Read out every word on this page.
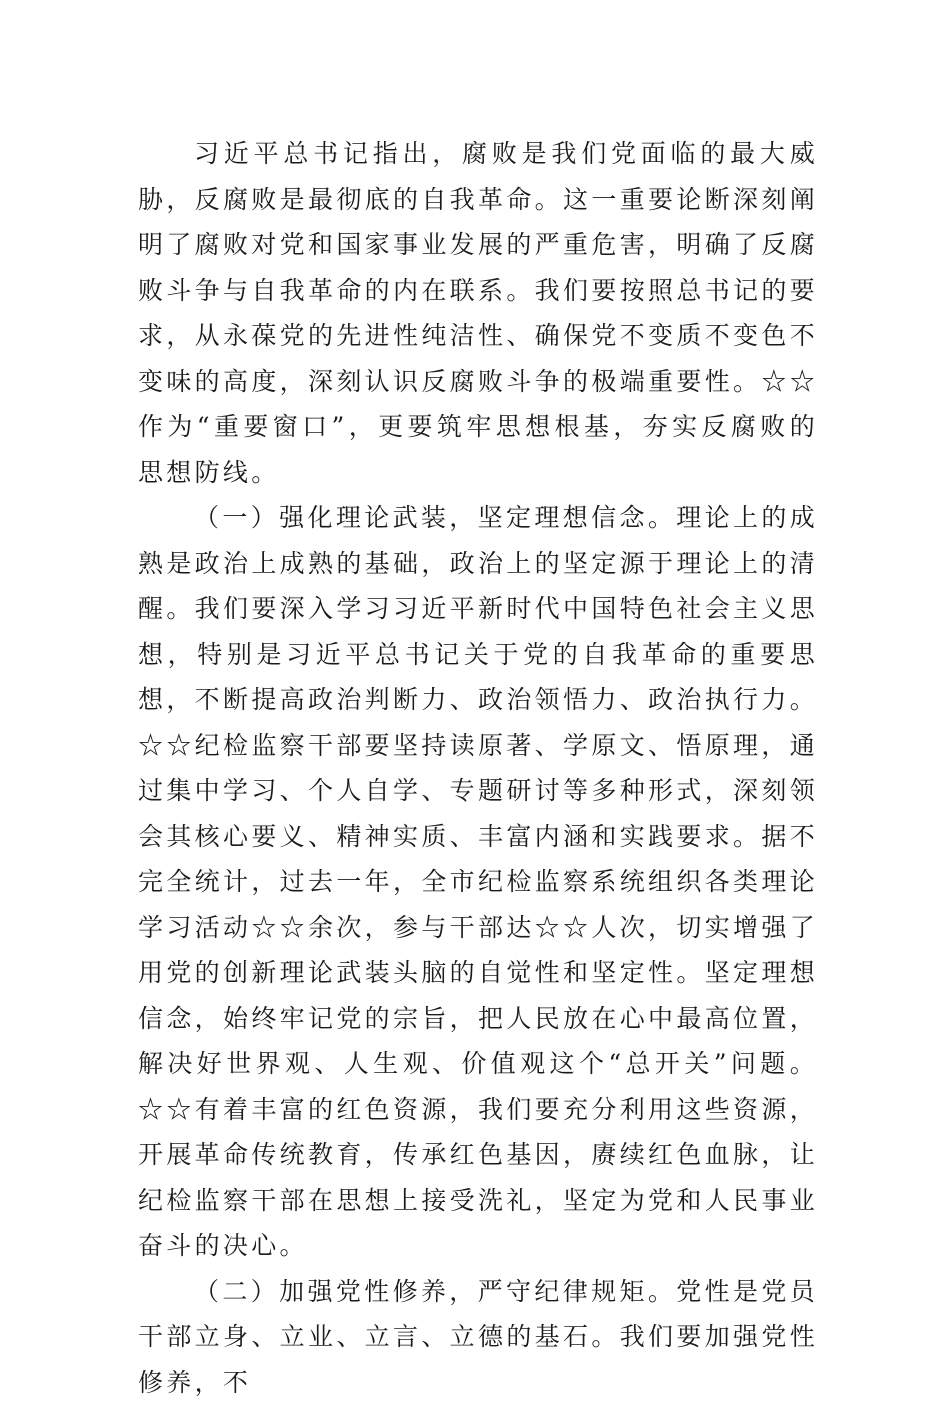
习近平总书记指出，腐败是我们党面临的最大威胁，反腐败是最彻底的自我革命。这一重要论断深刻阐明了腐败对党和国家事业发展的严重危害，明确了反腐败斗争与自我革命的内在联系。我们要按照总书记的要求，从永葆党的先进性纯洁性、确保党不变质不变色不变味的高度，深刻认识反腐败斗争的极端重要性。☆☆作为“重要窗口”，更要筑牢思想根基，夯实反腐败的思想防线。

（一）强化理论武装，坚定理想信念。理论上的成熟是政治上成熟的基础，政治上的坚定源于理论上的清醒。我们要深入学习习近平新时代中国特色社会主义思想，特别是习近平总书记关于党的自我革命的重要思想，不断提高政治判断力、政治领悟力、政治执行力。☆☆纪检监察干部要坚持读原著、学原文、悟原理，通过集中学习、个人自学、专题研讨等多种形式，深刻领会其核心要义、精神实质、丰富内涵和实践要求。据不完全统计，过去一年，全市纪检监察系统组织各类理论学习活动☆☆余次，参与干部达☆☆人次，切实增强了用党的创新理论武装头脑的自觉性和坚定性。坚定理想信念，始终牢记党的宗旨，把人民放在心中最高位置，解决好世界观、人生观、价值观这个“总开关”问题。☆☆有着丰富的红色资源，我们要充分利用这些资源，开展革命传统教育，传承红色基因，赓续红色血脉，让纪检监察干部在思想上接受洗礼，坚定为党和人民事业奋斗的决心。

（二）加强党性修养，严守纪律规矩。党性是党员干部立身、立业、立言、立德的基石。我们要加强党性修养，不
